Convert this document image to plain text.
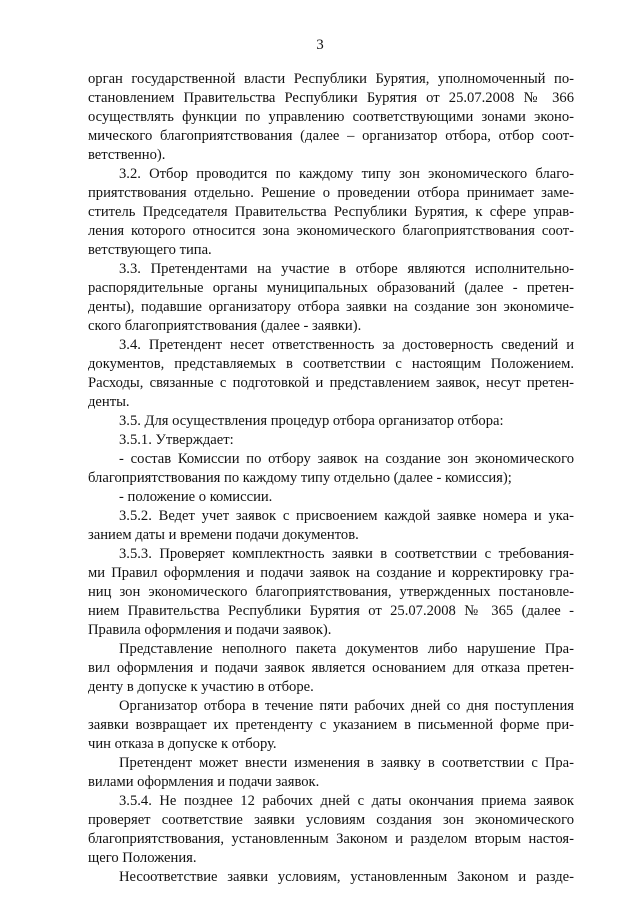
3
орган государственной власти Республики Бурятия, уполномоченный по-
становлением Правительства Республики Бурятия от 25.07.2008 № 366
осуществлять функции по управлению соответствующими зонами эконо-
мического благоприятствования (далее – организатор отбора, отбор соот-
ветственно).
3.2. Отбор проводится по каждому типу зон экономического благо-
приятствования отдельно. Решение о проведении отбора принимает заме-
ститель Председателя Правительства Республики Бурятия, к сфере управ-
ления которого относится зона экономического благоприятствования соот-
ветствующего типа.
3.3. Претендентами на участие в отборе являются исполнительно-
распорядительные органы муниципальных образований (далее - претен-
денты), подавшие организатору отбора заявки на создание зон экономиче-
ского благоприятствования (далее - заявки).
3.4. Претендент несет ответственность за достоверность сведений и
документов, представляемых в соответствии с настоящим Положением.
Расходы, связанные с подготовкой и представлением заявок, несут претен-
денты.
3.5. Для осуществления процедур отбора организатор отбора:
3.5.1. Утверждает:
- состав Комиссии по отбору заявок на создание зон экономического
благоприятствования по каждому типу отдельно (далее - комиссия);
- положение о комиссии.
3.5.2. Ведет учет заявок с присвоением каждой заявке номера и ука-
занием даты и времени подачи документов.
3.5.3. Проверяет комплектность заявки в соответствии с требования-
ми Правил оформления и подачи заявок на создание и корректировку гра-
ниц зон экономического благоприятствования, утвержденных постановле-
нием Правительства Республики Бурятия от 25.07.2008 № 365 (далее -
Правила оформления и подачи заявок).
Представление неполного пакета документов либо нарушение Пра-
вил оформления и подачи заявок является основанием для отказа претен-
денту в допуске к участию в отборе.
Организатор отбора в течение пяти рабочих дней со дня поступления
заявки возвращает их претенденту с указанием в письменной форме при-
чин отказа в допуске к отбору.
Претендент может внести изменения в заявку в соответствии с Пра-
вилами оформления и подачи заявок.
3.5.4. Не позднее 12 рабочих дней с даты окончания приема заявок
проверяет соответствие заявки условиям создания зон экономического
благоприятствования, установленным Законом и разделом вторым настоя-
щего Положения.
Несоответствие заявки условиям, установленным Законом и разде-
